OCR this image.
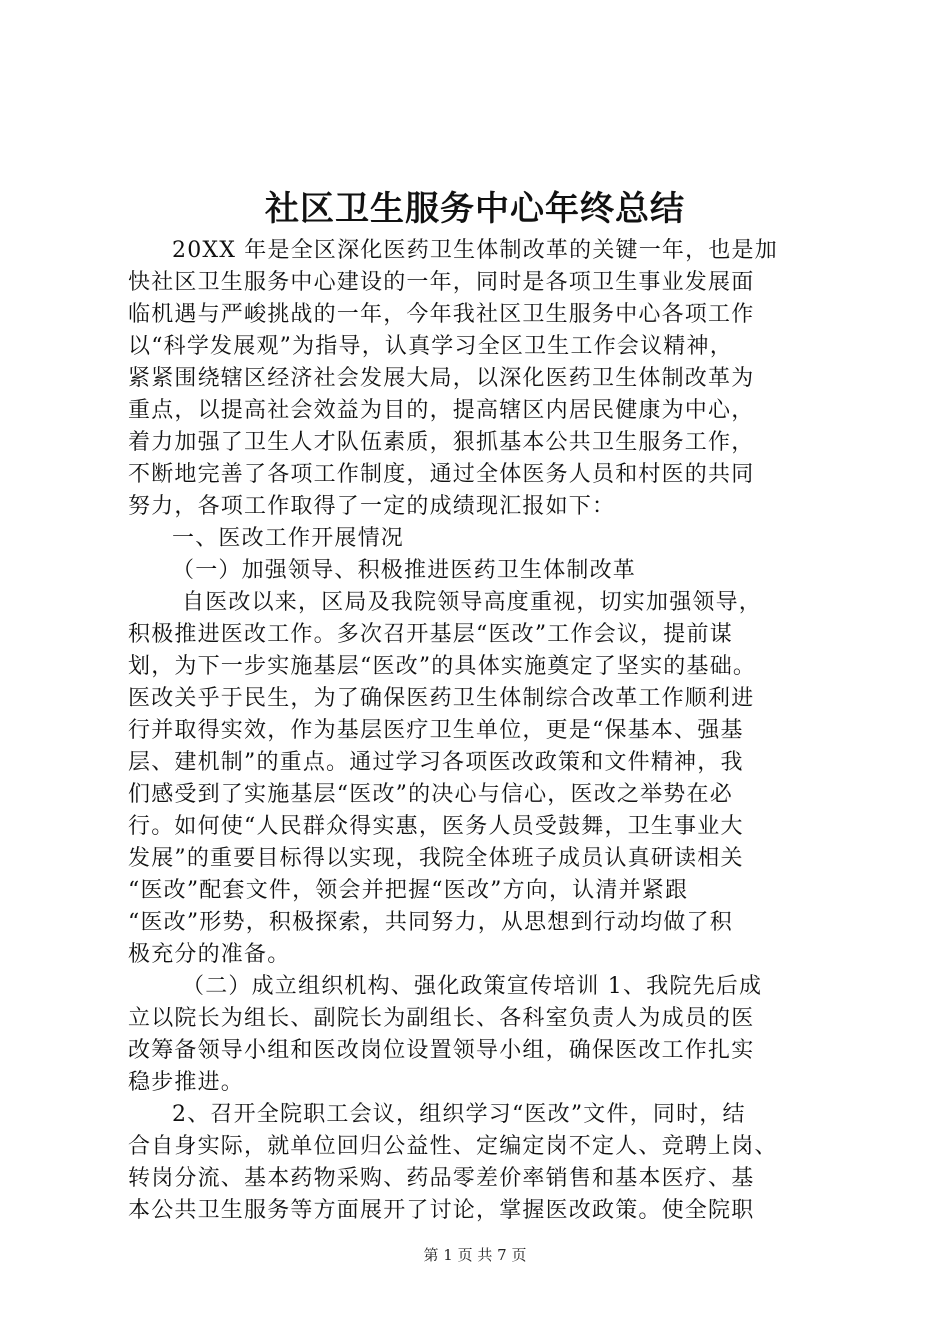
社区卫生服务中心年终总结
20XX 年是全区深化医药卫生体制改革的关键一年，也是加
快社区卫生服务中心建设的一年，同时是各项卫生事业发展面
临机遇与严峻挑战的一年，今年我社区卫生服务中心各项工作
以“科学发展观”为指导，认真学习全区卫生工作会议精神，
紧紧围绕辖区经济社会发展大局，以深化医药卫生体制改革为
重点，以提高社会效益为目的，提高辖区内居民健康为中心，
着力加强了卫生人才队伍素质，狠抓基本公共卫生服务工作，
不断地完善了各项工作制度，通过全体医务人员和村医的共同
努力，各项工作取得了一定的成绩现汇报如下：
一、医改工作开展情况
（一）加强领导、积极推进医药卫生体制改革
自医改以来，区局及我院领导高度重视，切实加强领导，
积极推进医改工作。多次召开基层“医改”工作会议，提前谋
划，为下一步实施基层“医改”的具体实施奠定了坚实的基础。
医改关乎于民生，为了确保医药卫生体制综合改革工作顺利进
行并取得实效，作为基层医疗卫生单位，更是“保基本、强基
层、建机制”的重点。通过学习各项医改政策和文件精神，我
们感受到了实施基层“医改”的决心与信心，医改之举势在必
行。如何使“人民群众得实惠，医务人员受鼓舞，卫生事业大
发展”的重要目标得以实现，我院全体班子成员认真研读相关
“医改”配套文件，领会并把握“医改”方向，认清并紧跟
“医改”形势，积极探索，共同努力，从思想到行动均做了积
极充分的准备。
（二）成立组织机构、强化政策宣传培训 1、我院先后成
立以院长为组长、副院长为副组长、各科室负责人为成员的医
改筹备领导小组和医改岗位设置领导小组，确保医改工作扎实
稳步推进。
2、召开全院职工会议，组织学习“医改”文件，同时，结
合自身实际，就单位回归公益性、定编定岗不定人、竞聘上岗、
转岗分流、基本药物采购、药品零差价率销售和基本医疗、基
本公共卫生服务等方面展开了讨论，掌握医改政策。使全院职
第 1 页 共 7 页
